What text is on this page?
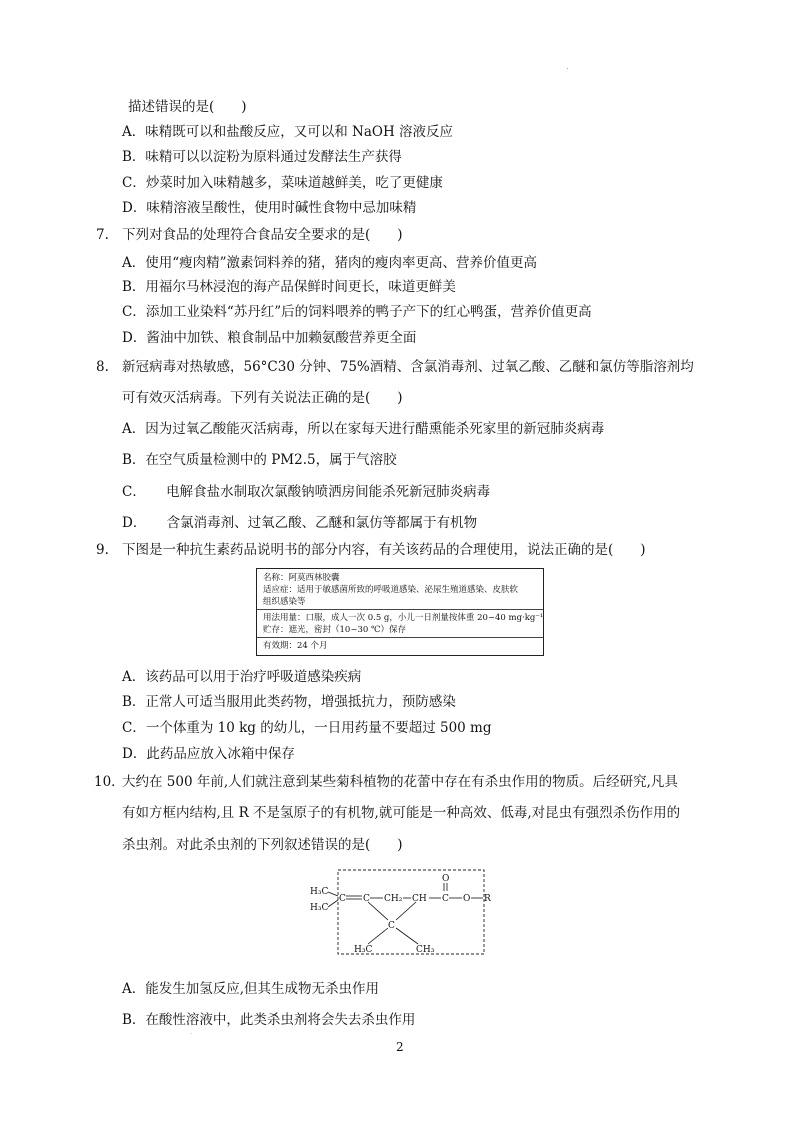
.
描述错误的是(　　)
A．味精既可以和盐酸反应，又可以和 NaOH 溶液反应
B．味精可以以淀粉为原料通过发酵法生产获得
C．炒菜时加入味精越多，菜味道越鲜美，吃了更健康
D．味精溶液呈酸性，使用时碱性食物中忌加味精
7. 下列对食品的处理符合食品安全要求的是(　　)
A．使用“瘦肉精”激素饲料养的猪，猪肉的瘦肉率更高、营养价值更高
B．用福尔马林浸泡的海产品保鲜时间更长，味道更鲜美
C．添加工业染料“苏丹红”后的饲料喂养的鸭子产下的红心鸭蛋，营养价值更高
D．酱油中加铁、粮食制品中加赖氨酸营养更全面
8. 新冠病毒对热敏感，56°C30 分钟、75%酒精、含氯消毒剂、过氧乙酸、乙醚和氯仿等脂溶剂均
可有效灭活病毒。下列有关说法正确的是(　　)
A．因为过氧乙酸能灭活病毒，所以在家每天进行醋熏能杀死家里的新冠肺炎病毒
B．在空气质量检测中的 PM2.5，属于气溶胶
C．　　电解食盐水制取次氯酸钠喷洒房间能杀死新冠肺炎病毒
D．　　含氯消毒剂、过氧乙酸、乙醚和氯仿等都属于有机物
9. 下图是一种抗生素药品说明书的部分内容，有关该药品的合理使用，说法正确的是(　　)
名称：阿莫西林胶囊
适应症：适用于敏感菌所致的呼吸道感染、泌尿生殖道感染、皮肤软
组织感染等
用法用量：口服，成人一次 0.5 g，小儿一日剂量按体重 20~40 mg·kg⁻¹
贮存：遮光，密封（10~30 ℃）保存
有效期：24 个月
A．该药品可以用于治疗呼吸道感染疾病
B．正常人可适当服用此类药物，增强抵抗力，预防感染
C．一个体重为 10 kg 的幼儿，一日用药量不要超过 500 mg
D．此药品应放入冰箱中保存
10．
大约在 500 年前,人们就注意到某些菊科植物的花蕾中存在有杀虫作用的物质。后经研究,凡具
有如方框内结构,且 R 不是氢原子的有机物,就可能是一种高效、低毒,对昆虫有强烈杀伤作用的
杀虫剂。对此杀虫剂的下列叙述错误的是(　　)
H₃C
H₃C
C C CH₂ CH C
O
O R
C
H₃C	CH₃
A．能发生加氢反应,但其生成物无杀虫作用
B．在酸性溶液中，此类杀虫剂将会失去杀虫作用
.
2
